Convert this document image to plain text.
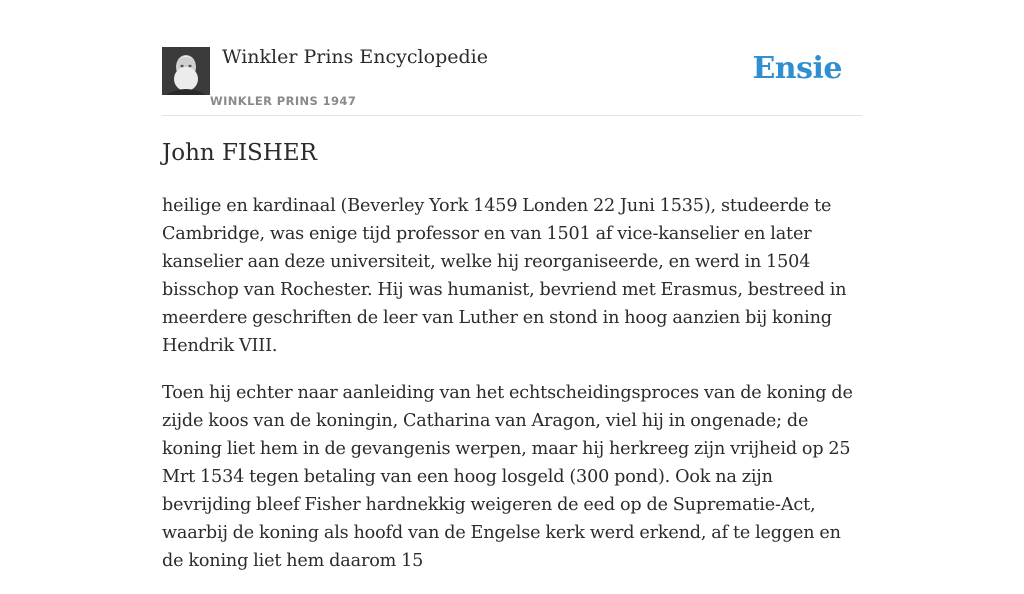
Winkler Prins Encyclopedie
WINKLER PRINS 1947
Ensie
John FISHER

heilige en kardinaal (Beverley York 1459 Londen 22 Juni 1535), studeerde te Cambridge, was enige tijd professor en van 1501 af vice-kanselier en later kanselier aan deze universiteit, welke hij reorganiseerde, en werd in 1504 bisschop van Rochester. Hij was humanist, bevriend met Erasmus, bestreed in meerdere geschriften de leer van Luther en stond in hoog aanzien bij koning Hendrik VIII.

Toen hij echter naar aanleiding van het echtscheidingsproces van de koning de zijde koos van de koningin, Catharina van Aragon, viel hij in ongenade; de koning liet hem in de gevangenis werpen, maar hij herkreeg zijn vrijheid op 25 Mrt 1534 tegen betaling van een hoog losgeld (300 pond). Ook na zijn bevrijding bleef Fisher hardnekkig weigeren de eed op de Suprematie-Act, waarbij de koning als hoofd van de Engelse kerk werd erkend, af te leggen en de koning liet hem daarom 15
